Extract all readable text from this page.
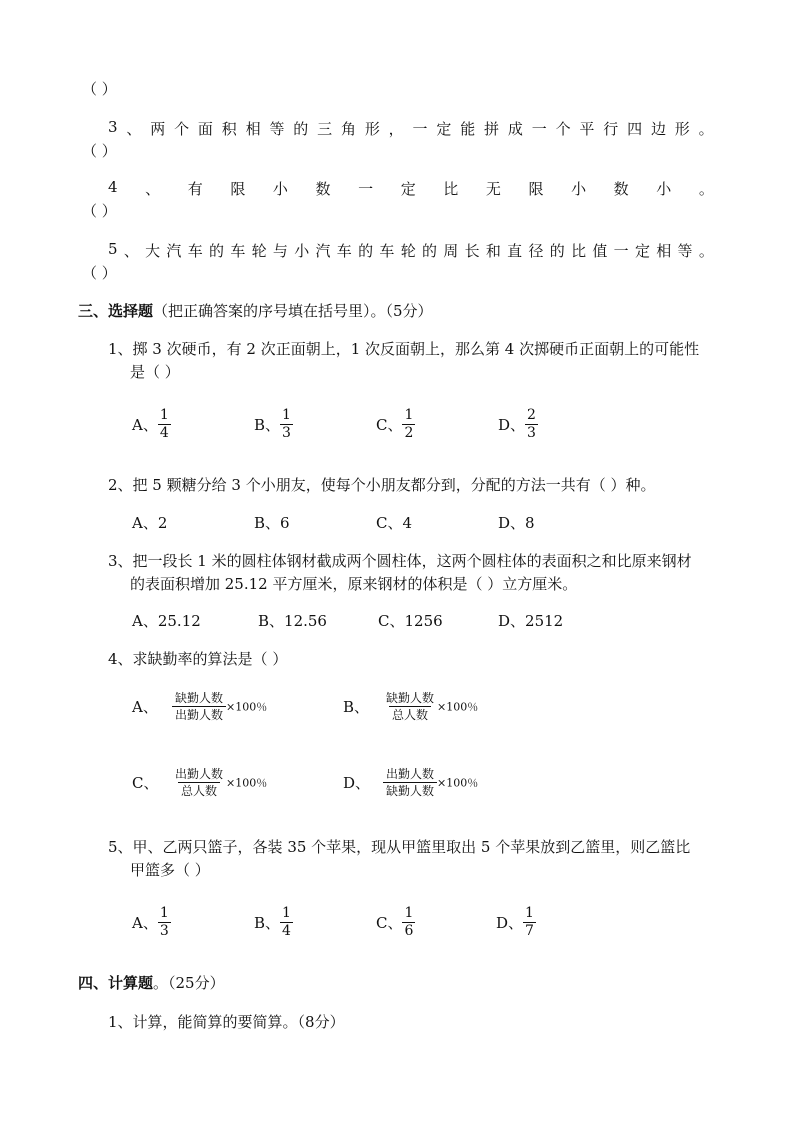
（ ）
3 、 两 个 面 积 相 等 的 三 角 形 ， 一 定 能 拼 成 一 个 平 行 四 边 形 。
（ ）
4 、 有 限 小 数 一 定 比 无 限 小 数 小 。
（ ）
5 、 大 汽 车 的 车 轮 与 小 汽 车 的 车 轮 的 周 长 和 直 径 的 比 值 一 定 相 等 。
（ ）
三、选择题（把正确答案的序号填在括号里）。（5分）
1、掷 3 次硬币，有 2 次正面朝上，1 次反面朝上，那么第 4 次掷硬币正面朝上的可能性
是（ ）
A、 $\frac{1}{4}$	B、 $\frac{1}{3}$	C、 $\frac{1}{2}$	D、 $\frac{2}{3}$
2、把 5 颗糖分给 3 个小朋友，使每个小朋友都分到，分配的方法一共有（ ）种。
A、2	B、6	C、4	D、8
3、把一段长 1 米的圆柱体钢材截成两个圆柱体，这两个圆柱体的表面积之和比原来钢材
的表面积增加 25.12 平方厘米，原来钢材的体积是（ ）立方厘米。
A、25.12	B、12.56	C、1256	D、2512
4、求缺勤率的算法是（ ）
A、 $\frac{\text{缺勤人数}}{\text{出勤人数}} \times 100$％	B、 $\frac{\text{缺勤人数}}{\text{总人数}} \times 100$％
C、 $\frac{\text{出勤人数}}{\text{总人数}} \times 100$％	D、 $\frac{\text{出勤人数}}{\text{缺勤人数}} \times 100$％
5、甲、乙两只篮子，各装 35 个苹果，现从甲篮里取出 5 个苹果放到乙篮里，则乙篮比
甲篮多（ ）
A、 $\frac{1}{3}$	B、 $\frac{1}{4}$	C、 $\frac{1}{6}$	D、 $\frac{1}{7}$
四、计算题。（25分）
1、计算，能简算的要简算。（8分）
